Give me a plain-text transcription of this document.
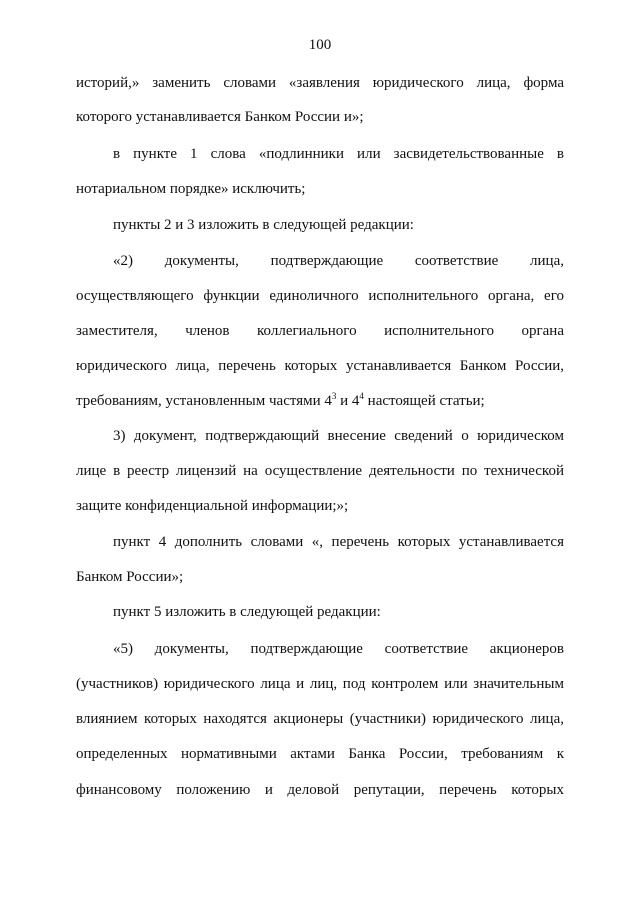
100
историй,» заменить словами «заявления юридического лица, форма
которого устанавливается Банком России и»;
в пункте 1 слова «подлинники или засвидетельствованные в
нотариальном порядке» исключить;
пункты 2 и 3 изложить в следующей редакции:
«2) документы, подтверждающие соответствие лица,
осуществляющего функции единоличного исполнительного органа, его
заместителя, членов коллегиального исполнительного органа
юридического лица, перечень которых устанавливается Банком России,
требованиям, установленным частями $4^3$ и $4^4$ настоящей статьи;
3) документ, подтверждающий внесение сведений о юридическом
лице в реестр лицензий на осуществление деятельности по технической
защите конфиденциальной информации;»;
пункт 4 дополнить словами «, перечень которых устанавливается
Банком России»;
пункт 5 изложить в следующей редакции:
«5) документы, подтверждающие соответствие акционеров
(участников) юридического лица и лиц, под контролем или значительным
влиянием которых находятся акционеры (участники) юридического лица,
определенных нормативными актами Банка России, требованиям к
финансовому положению и деловой репутации, перечень которых
